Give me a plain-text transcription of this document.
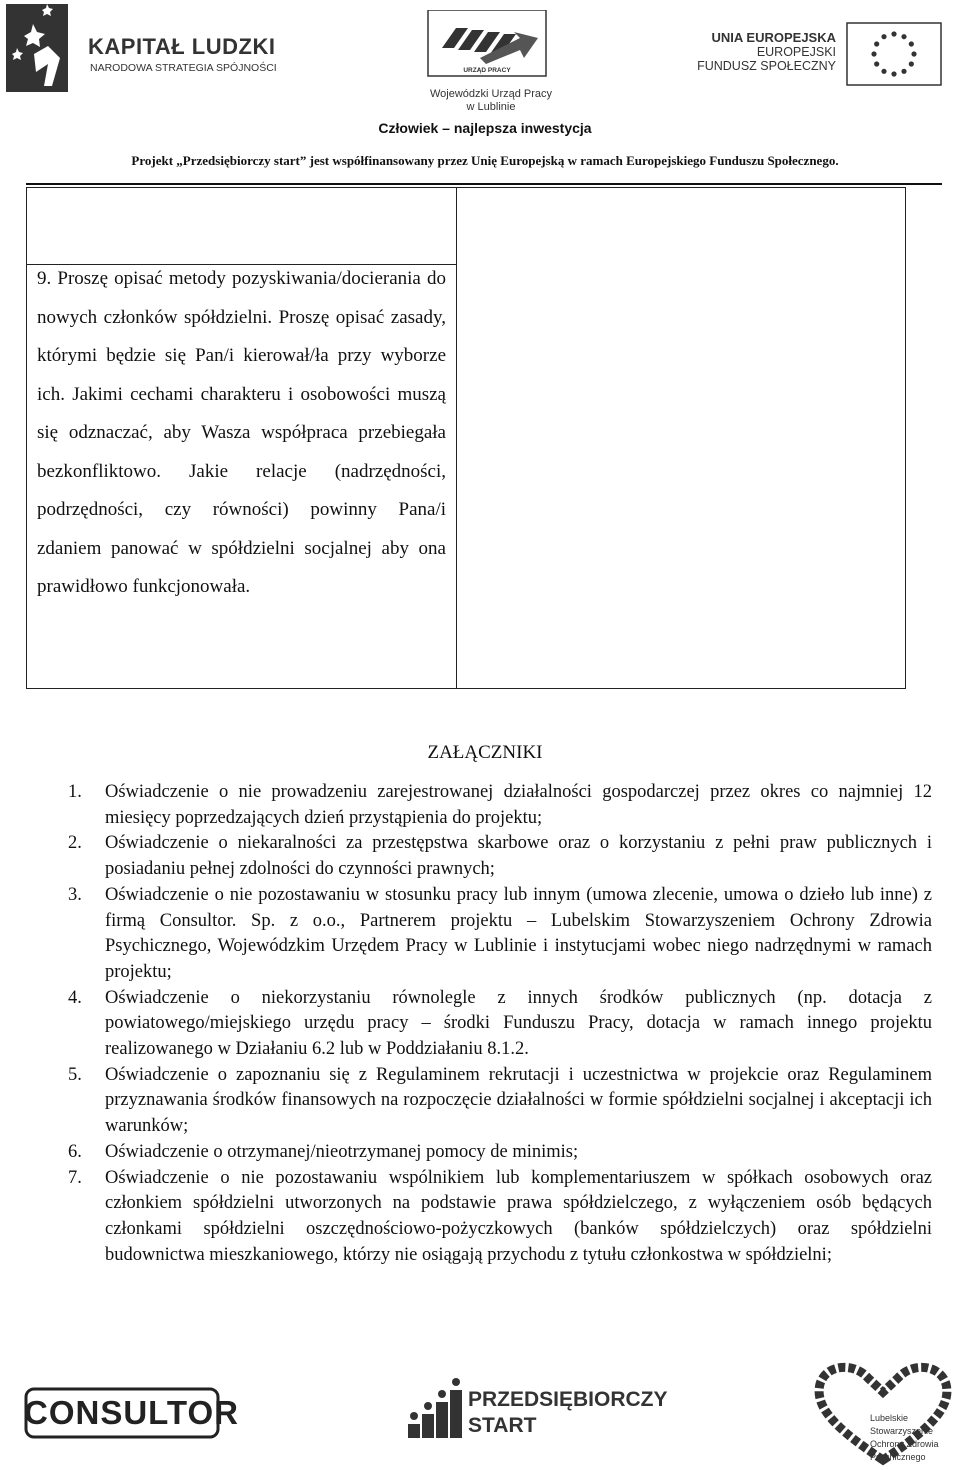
KAPITAŁ LUDZKI
NARODOWA STRATEGIA SPÓJNOŚCI	URZĄD PRACY
Wojewódzki Urząd Pracy
w Lublinie
UNIA EUROPEJSKA
EUROPEJSKI
FUNDUSZ SPOŁECZNY
Człowiek – najlepsza inwestycja
Projekt „Przedsiębiorczy start” jest współfinansowany przez Unię Europejską w ramach Europejskiego Funduszu Społecznego.
9. Proszę opisać metody pozyskiwania/docierania do nowych członków spółdzielni. Proszę opisać zasady, którymi będzie się Pan/i kierował/ła przy wyborze ich. Jakimi cechami charakteru i osobowości muszą się odznaczać, aby Wasza współpraca przebiegała bezkonfliktowo. Jakie relacje (nadrzędności, podrzędności, czy równości) powinny Pana/i zdaniem panować w spółdzielni socjalnej aby ona prawidłowo funkcjonowała.
ZAŁĄCZNIKI
1. Oświadczenie o nie prowadzeniu zarejestrowanej działalności gospodarczej przez okres co najmniej 12 miesięcy poprzedzających dzień przystąpienia do projektu;
2. Oświadczenie o niekaralności za przestępstwa skarbowe oraz o korzystaniu z pełni praw publicznych i posiadaniu pełnej zdolności do czynności prawnych;
3. Oświadczenie o nie pozostawaniu w stosunku pracy lub innym (umowa zlecenie, umowa o dzieło lub inne) z firmą Consultor. Sp. z o.o., Partnerem projektu – Lubelskim Stowarzyszeniem Ochrony Zdrowia Psychicznego, Wojewódzkim Urzędem Pracy w Lublinie i instytucjami wobec niego nadrzędnymi w ramach projektu;
4. Oświadczenie o niekorzystaniu równolegle z innych środków publicznych (np. dotacja z powiatowego/miejskiego urzędu pracy – środki Funduszu Pracy, dotacja w ramach innego projektu realizowanego w Działaniu 6.2 lub w Poddziałaniu 8.1.2.
5. Oświadczenie o zapoznaniu się z Regulaminem rekrutacji i uczestnictwa w projekcie oraz Regulaminem przyznawania środków finansowych na rozpoczęcie działalności w formie spółdzielni socjalnej i akceptacji ich warunków;
6. Oświadczenie o otrzymanej/nieotrzymanej pomocy de minimis;
7. Oświadczenie o nie pozostawaniu wspólnikiem lub komplementariuszem w spółkach osobowych oraz członkiem spółdzielni utworzonych na podstawie prawa spółdzielczego, z wyłączeniem osób będących członkami spółdzielni oszczędnościowo-pożyczkowych (banków spółdzielczych) oraz spółdzielni budownictwa mieszkaniowego, którzy nie osiągają przychodu z tytułu członkostwa w spółdzielni;
CONSULTOR	PRZEDSIĘBIORCZY
START	Lubelskie Stowarzyszenie
Ochrony Zdrowia Psychicznego
